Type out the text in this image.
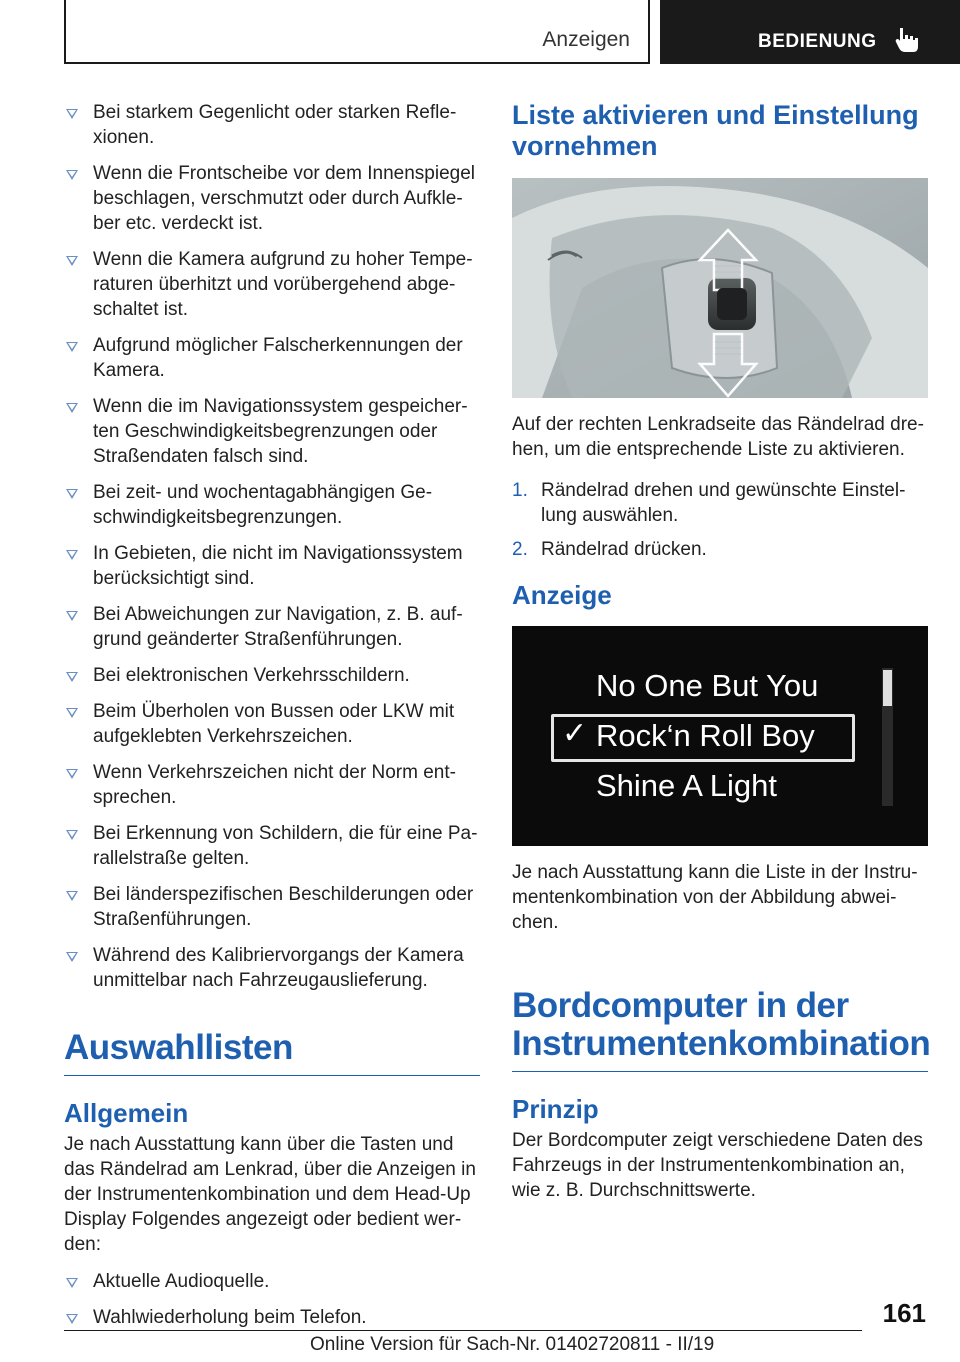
Anzeigen	BEDIENUNG
Bei starkem Gegenlicht oder starken Reflexionen.
Wenn die Frontscheibe vor dem Innenspiegel beschlagen, verschmutzt oder durch Aufkleber etc. verdeckt ist.
Wenn die Kamera aufgrund zu hoher Temperaturen überhitzt und vorübergehend abgeschaltet ist.
Aufgrund möglicher Falscherkennungen der Kamera.
Wenn die im Navigationssystem gespeicherten Geschwindigkeitsbegrenzungen oder Straßendaten falsch sind.
Bei zeit- und wochentagabhängigen Geschwindigkeitsbegrenzungen.
In Gebieten, die nicht im Navigationssystem berücksichtigt sind.
Bei Abweichungen zur Navigation, z. B. aufgrund geänderter Straßenführungen.
Bei elektronischen Verkehrsschildern.
Beim Überholen von Bussen oder LKW mit aufgeklebten Verkehrszeichen.
Wenn Verkehrszeichen nicht der Norm entsprechen.
Bei Erkennung von Schildern, die für eine Parallelstraße gelten.
Bei länderspezifischen Beschilderungen oder Straßenführungen.
Während des Kalibriervorgangs der Kamera unmittelbar nach Fahrzeugauslieferung.
Auswahllisten
Allgemein

Je nach Ausstattung kann über die Tasten und das Rändelrad am Lenkrad, über die Anzeigen in der Instrumentenkombination und dem Head-Up Display Folgendes angezeigt oder bedient werden:

Aktuelle Audioquelle.
Wahlwiederholung beim Telefon.
Liste aktivieren und Einstellung vornehmen

Auf der rechten Lenkradseite das Rändelrad drehen, um die entsprechende Liste zu aktivieren.

1. Rändelrad drehen und gewünschte Einstellung auswählen.
2. Rändelrad drücken.
Anzeige
No One But You
✓ Rock‘n Roll Boy
Shine A Light

Je nach Ausstattung kann die Liste in der Instrumentenkombination von der Abbildung abweichen.

Bordcomputer in der Instrumentenkombination
Prinzip

Der Bordcomputer zeigt verschiedene Daten des Fahrzeugs in der Instrumentenkombination an, wie z. B. Durchschnittswerte.

161
Online Version für Sach-Nr. 01402720811 - II/19
